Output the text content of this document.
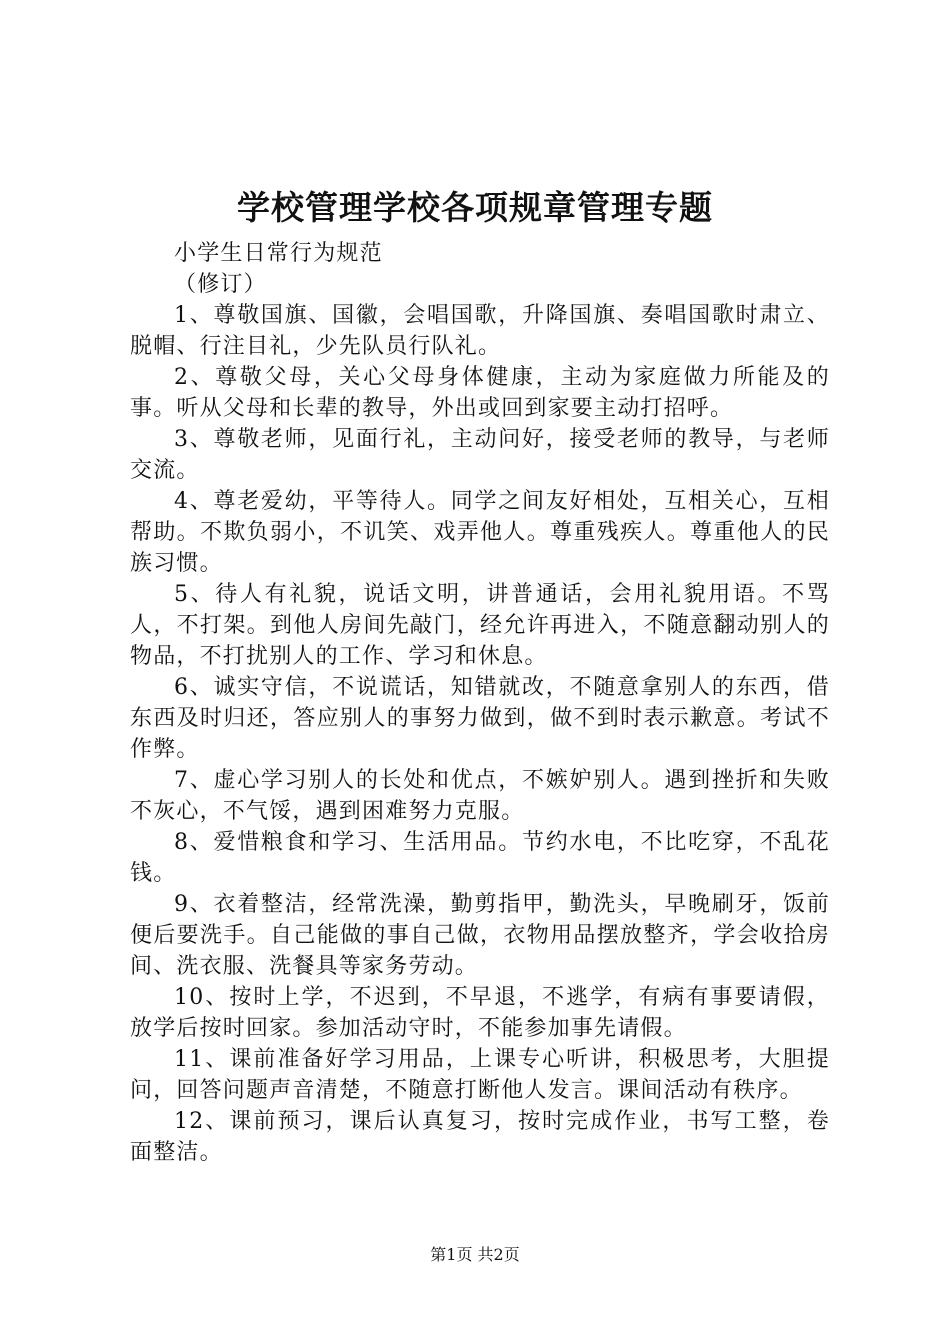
学校管理学校各项规章管理专题

小学生日常行为规范

（修订）

1、尊敬国旗、国徽，会唱国歌，升降国旗、奏唱国歌时肃立、脱帽、行注目礼，少先队员行队礼。

2、尊敬父母，关心父母身体健康，主动为家庭做力所能及的事。听从父母和长辈的教导，外出或回到家要主动打招呼。

3、尊敬老师，见面行礼，主动问好，接受老师的教导，与老师交流。

4、尊老爱幼，平等待人。同学之间友好相处，互相关心，互相帮助。不欺负弱小，不讥笑、戏弄他人。尊重残疾人。尊重他人的民族习惯。

5、待人有礼貌，说话文明，讲普通话，会用礼貌用语。不骂人，不打架。到他人房间先敲门，经允许再进入，不随意翻动别人的物品，不打扰别人的工作、学习和休息。

6、诚实守信，不说谎话，知错就改，不随意拿别人的东西，借东西及时归还，答应别人的事努力做到，做不到时表示歉意。考试不作弊。

7、虚心学习别人的长处和优点，不嫉妒别人。遇到挫折和失败不灰心，不气馁，遇到困难努力克服。

8、爱惜粮食和学习、生活用品。节约水电，不比吃穿，不乱花钱。

9、衣着整洁，经常洗澡，勤剪指甲，勤洗头，早晚刷牙，饭前便后要洗手。自己能做的事自己做，衣物用品摆放整齐，学会收拾房间、洗衣服、洗餐具等家务劳动。

10、按时上学，不迟到，不早退，不逃学，有病有事要请假，放学后按时回家。参加活动守时，不能参加事先请假。

11、课前准备好学习用品，上课专心听讲，积极思考，大胆提问，回答问题声音清楚，不随意打断他人发言。课间活动有秩序。

12、课前预习，课后认真复习，按时完成作业，书写工整，卷面整洁。

第1页 共2页
